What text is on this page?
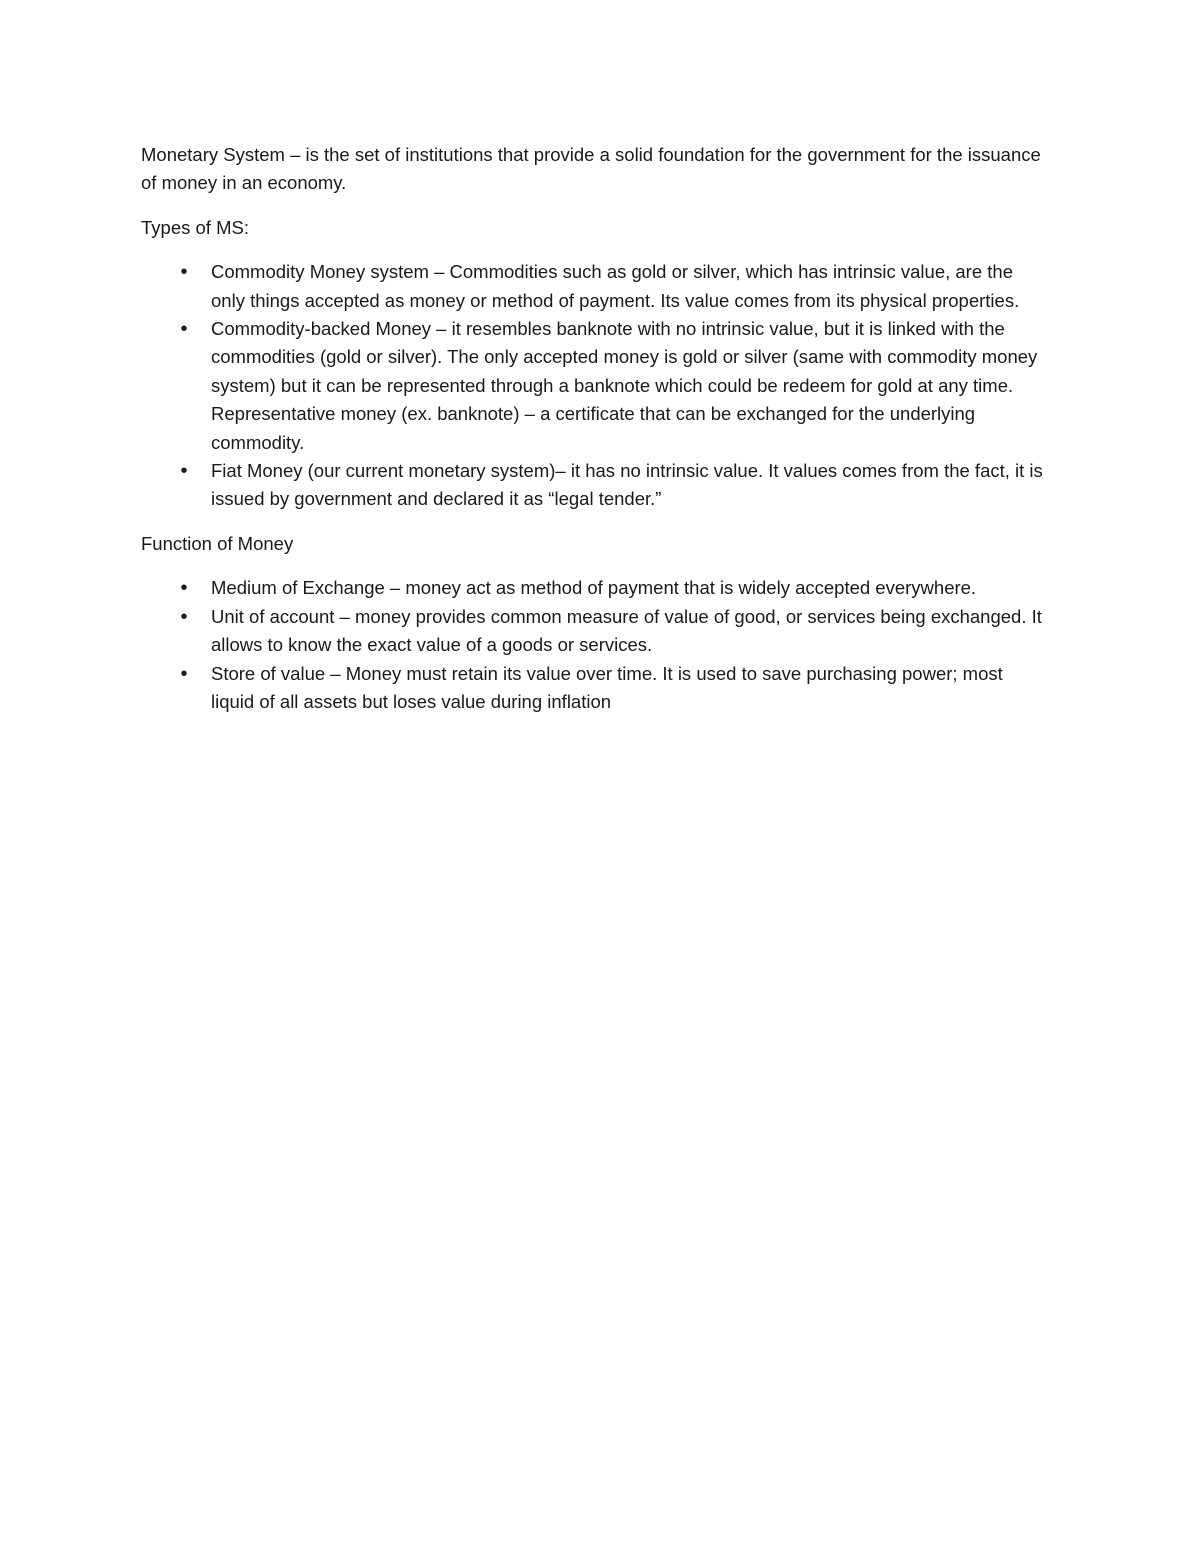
Monetary System – is the set of institutions that provide a solid foundation for the government for the issuance of money in an economy.

Types of MS:

•	Commodity Money system – Commodities such as gold or silver, which has intrinsic value, are the only things accepted as money or method of payment. Its value comes from its physical properties.
•	Commodity-backed Money – it resembles banknote with no intrinsic value, but it is linked with the commodities (gold or silver). The only accepted money is gold or silver (same with commodity money system) but it can be represented through a banknote which could be redeem for gold at any time.
Representative money (ex. banknote) – a certificate that can be exchanged for the underlying commodity.
•	Fiat Money (our current monetary system)– it has no intrinsic value. It values comes from the fact, it is issued by government and declared it as “legal tender.”

Function of Money

•	Medium of Exchange – money act as method of payment that is widely accepted everywhere.
•	Unit of account – money provides common measure of value of good, or services being exchanged. It allows to know the exact value of a goods or services.
•	Store of value – Money must retain its value over time. It is used to save purchasing power; most liquid of all assets but loses value during inflation
